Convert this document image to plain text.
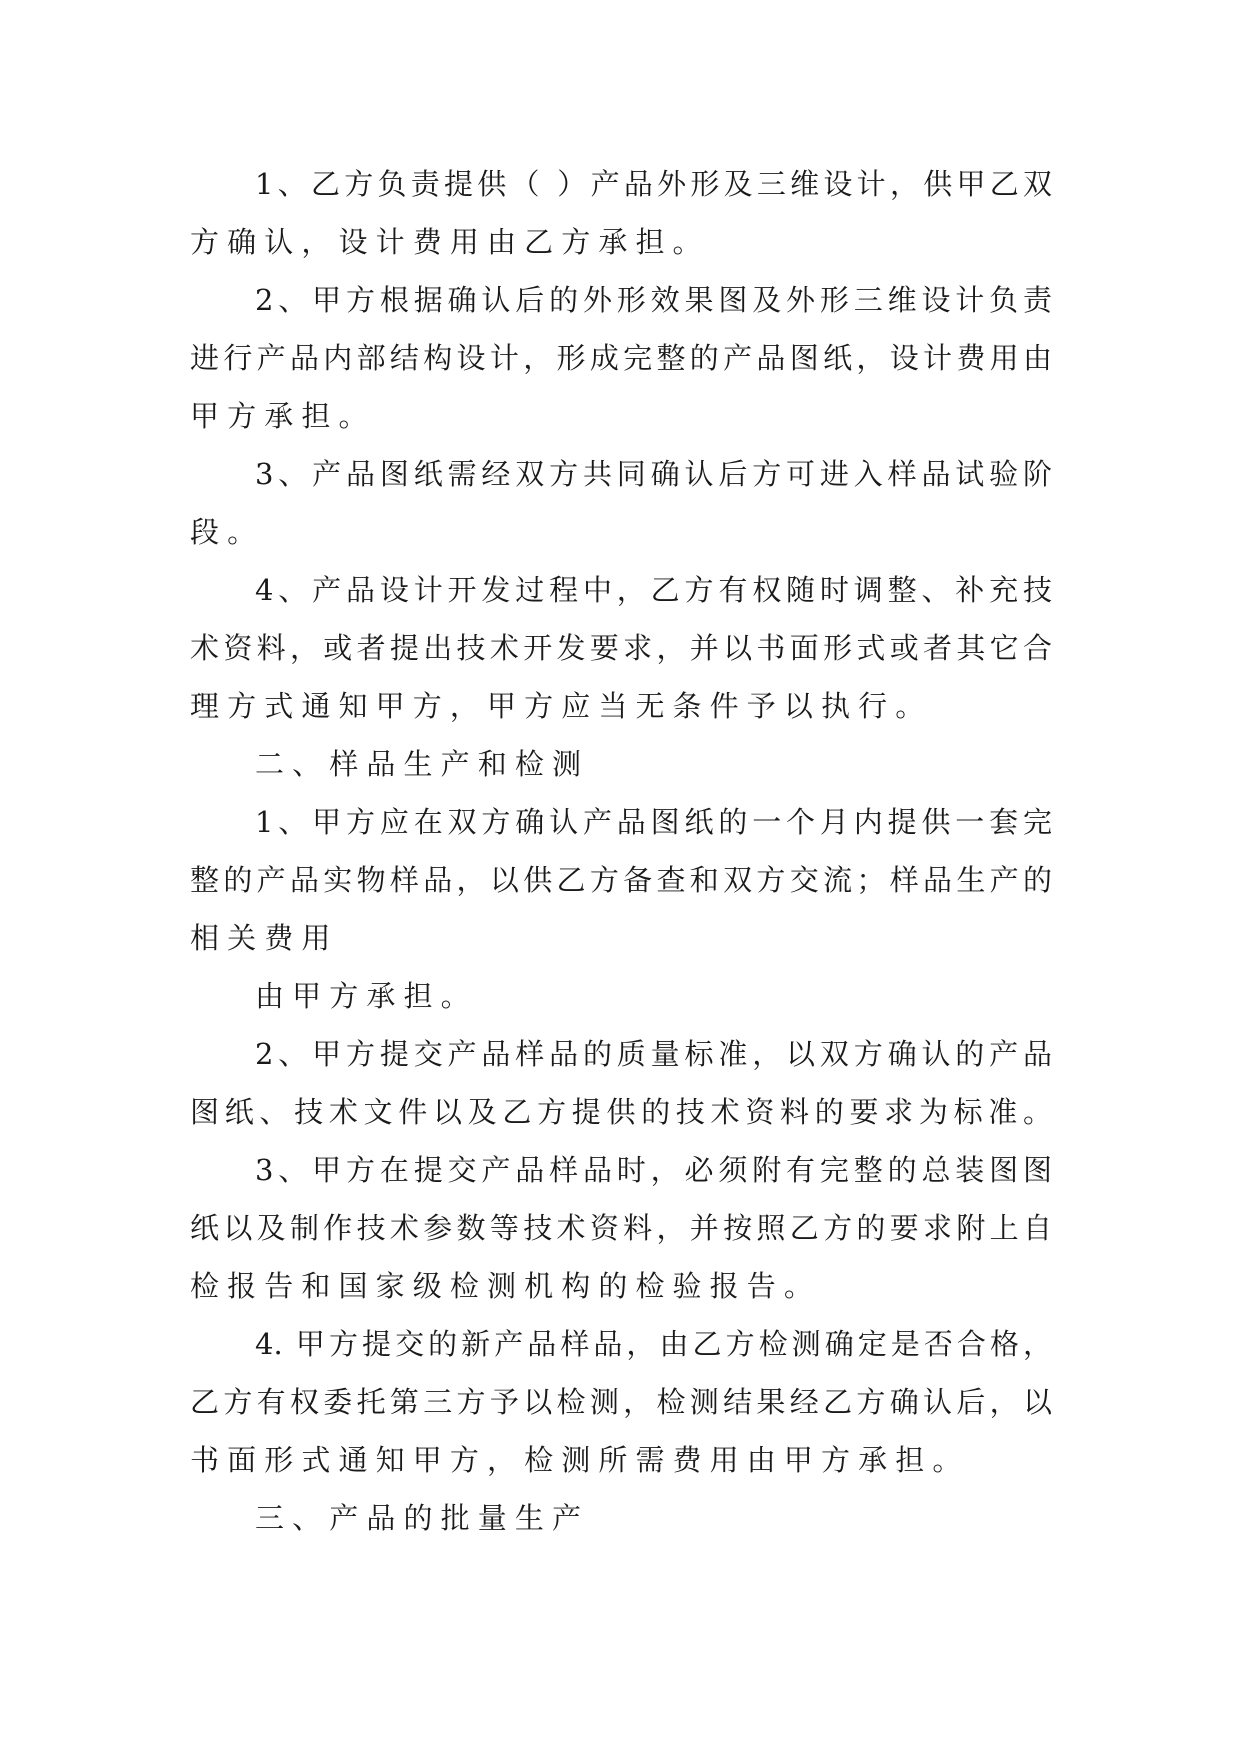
1、乙方负责提供（ ）产品外形及三维设计，供甲乙双
方确认，设计费用由乙方承担。
2、甲方根据确认后的外形效果图及外形三维设计负责
进行产品内部结构设计，形成完整的产品图纸，设计费用由
甲方承担。
3、产品图纸需经双方共同确认后方可进入样品试验阶
段。
4、产品设计开发过程中，乙方有权随时调整、补充技
术资料，或者提出技术开发要求，并以书面形式或者其它合
理方式通知甲方，甲方应当无条件予以执行。
二、样品生产和检测
1、甲方应在双方确认产品图纸的一个月内提供一套完
整的产品实物样品，以供乙方备查和双方交流；样品生产的
相关费用
由甲方承担。
2、甲方提交产品样品的质量标准，以双方确认的产品
图纸、技术文件以及乙方提供的技术资料的要求为标准。
3、甲方在提交产品样品时，必须附有完整的总装图图
纸以及制作技术参数等技术资料，并按照乙方的要求附上自
检报告和国家级检测机构的检验报告。
4. 甲方提交的新产品样品，由乙方检测确定是否合格，
乙方有权委托第三方予以检测，检测结果经乙方确认后，以
书面形式通知甲方，检测所需费用由甲方承担。
三、产品的批量生产
